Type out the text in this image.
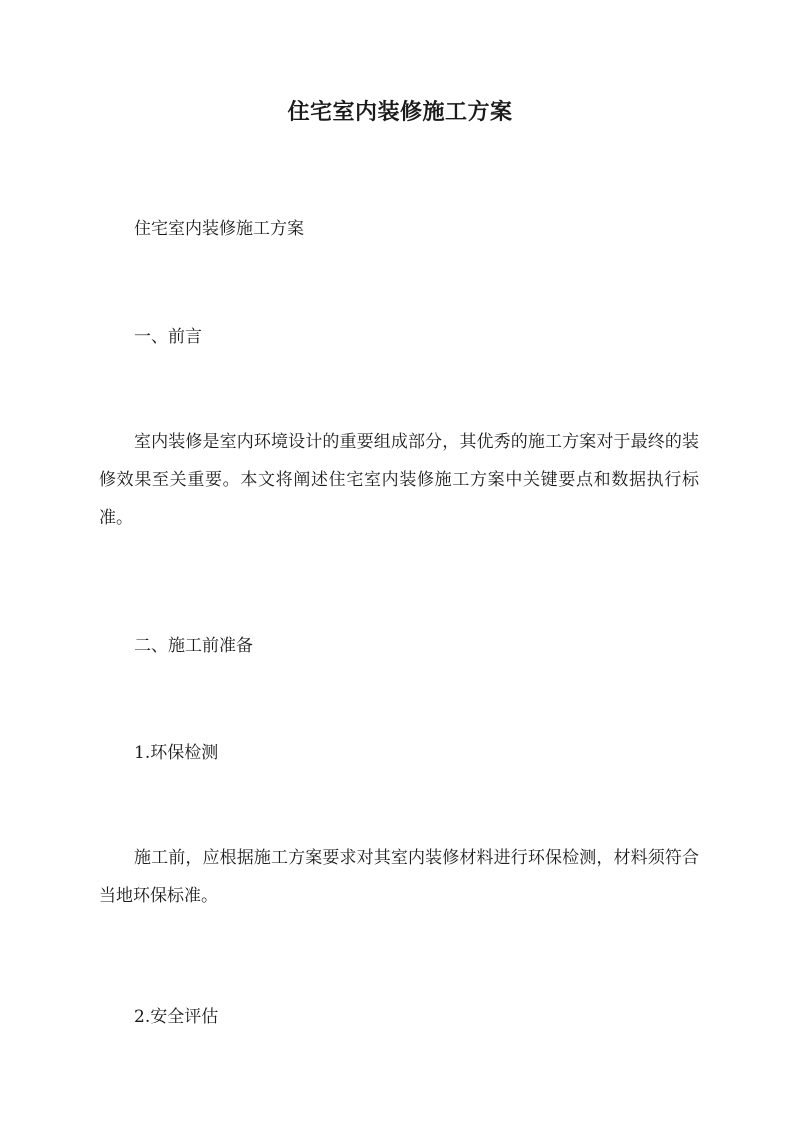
住宅室内装修施工方案
住宅室内装修施工方案
一、前言
室内装修是室内环境设计的重要组成部分，其优秀的施工方案对于最终的装修效果至关重要。本文将阐述住宅室内装修施工方案中关键要点和数据执行标准。
二、施工前准备
1.环保检测
施工前，应根据施工方案要求对其室内装修材料进行环保检测，材料须符合当地环保标准。
2.安全评估
